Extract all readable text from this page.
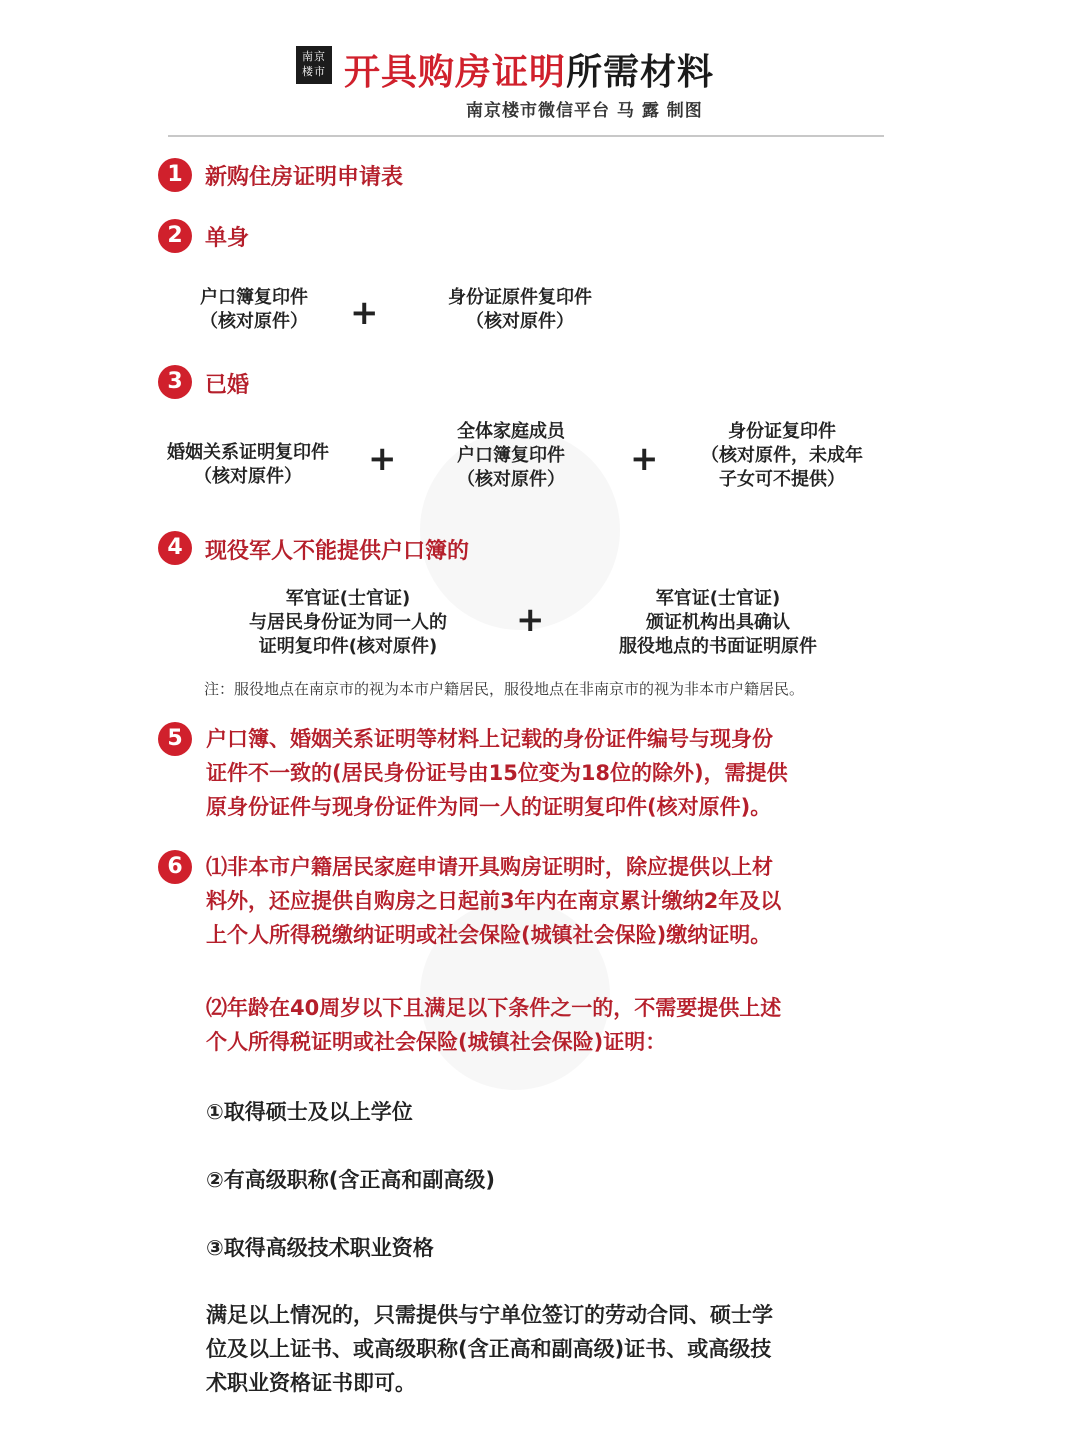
南京
楼市 开具购房证明所需材料
南京楼市微信平台 马 露 制图
1	新购住房证明申请表
2	单身
户口簿复印件
（核对原件）	+	身份证原件复印件
（核对原件）
3	已婚
婚姻关系证明复印件
（核对原件）	+
全体家庭成员
户口簿复印件
（核对原件）
+
身份证复印件
（核对原件，未成年
子女可不提供）
4	现役军人不能提供户口簿的
军官证(士官证)
与居民身份证为同一人的
证明复印件(核对原件)
+
军官证(士官证)
颁证机构出具确认
服役地点的书面证明原件
注：服役地点在南京市的视为本市户籍居民，服役地点在非南京市的视为非本市户籍居民。
5	户口簿、婚姻关系证明等材料上记载的身份证件编号与现身份
证件不一致的(居民身份证号由15位变为18位的除外)，需提供
原身份证件与现身份证件为同一人的证明复印件(核对原件)。
6	⑴非本市户籍居民家庭申请开具购房证明时，除应提供以上材
料外，还应提供自购房之日起前3年内在南京累计缴纳2年及以
上个人所得税缴纳证明或社会保险(城镇社会保险)缴纳证明。
⑵年龄在40周岁以下且满足以下条件之一的，不需要提供上述
个人所得税证明或社会保险(城镇社会保险)证明：
①取得硕士及以上学位
②有高级职称(含正高和副高级)
③取得高级技术职业资格
满足以上情况的，只需提供与宁单位签订的劳动合同、硕士学
位及以上证书、或高级职称(含正高和副高级)证书、或高级技
术职业资格证书即可。
